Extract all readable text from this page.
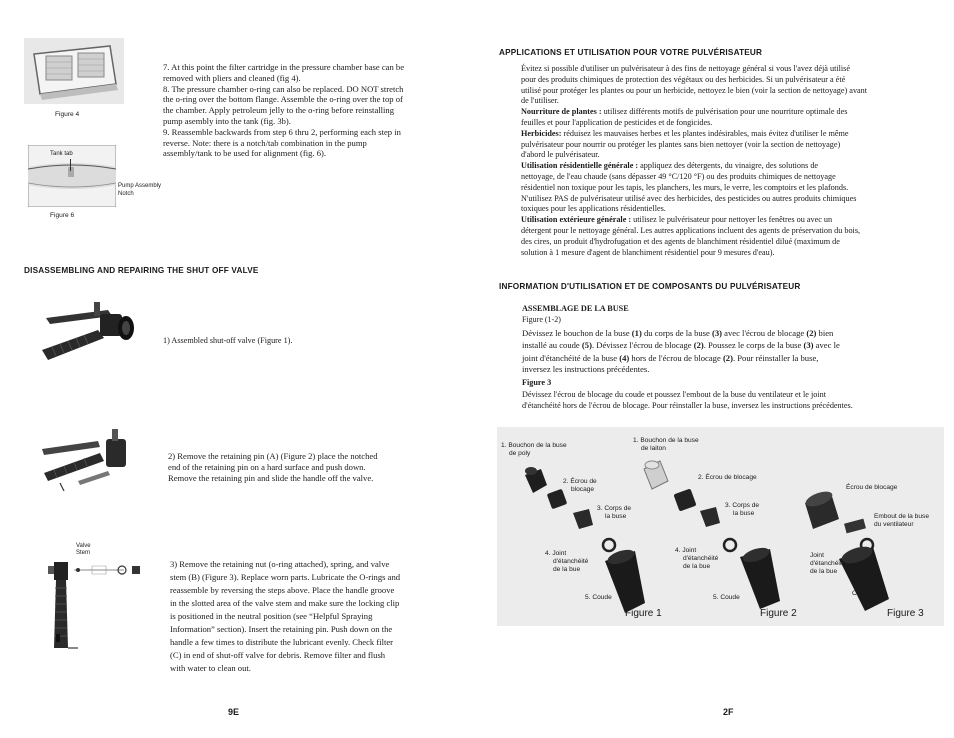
Figure 4

7. At this point the filter cartridge in the pressure chamber base can be

removed with pliers and cleaned (fig 4).

8. The pressure chamber o-ring can also be replaced. DO NOT stretch

the o-ring over the bottom flange. Assemble the o-ring over the top of

the chamber. Apply petroleum jelly to the o-ring before reinstalling

pump asembly into the tank (fig. 3b).

9. Reassemble backwards from step 6 thru 2, performing each step in

reverse. Note: there is a notch/tab combination in the pump

assembly/tank to be used for alignment (fig. 6).

Tank tab
Pump Assembly
Notch
Figure 6
DISASSEMBLING AND REPAIRING THE SHUT OFF VALVE
1) Assembled shut-off valve (Figure 1).

2) Remove the retaining pin (A) (Figure 2) place the notched

end of the retaining pin on a hard surface and push down.

Remove the retaining pin and slide the handle off the valve.

Valve
Stem

3) Remove the retaining nut (o-ring attached), spring, and valve

stem (B) (Figure 3). Replace worn parts. Lubricate the O-rings and

reassemble by reversing the steps above. Place the handle groove

in the slotted area of the valve stem and make sure the locking clip

is positioned in the neutral position (see “Helpful Spraying

Information” section). Insert the retaining pin. Push down on the

handle a few times to distribute the lubricant evenly. Check filter

(C) in end of shut-off valve for debris. Remove filter and flush

with water to clean out.

9E
APPLICATIONS ET UTILISATION POUR VOTRE PULVÉRISATEUR

Évitez si possible d'utiliser un pulvérisateur à des fins de nettoyage général si vous l'avez déjà utilisé

pour des produits chimiques de protection des végétaux ou des herbicides. Si un pulvérisateur a été

utilisé pour protéger les plantes ou pour un herbicide, nettoyez le bien (voir la section de nettoyage) avant

de l'utiliser.

Nourriture de plantes : utilisez différents motifs de pulvérisation pour une nourriture optimale des

feuilles et pour l'application de pesticides et de fongicides.

Herbicides: réduisez les mauvaises herbes et les plantes indésirables, mais évitez d'utiliser le même

pulvérisateur pour nourrir ou protéger les plantes sans bien nettoyer (voir la section de nettoyage)

d'abord le pulvérisateur.

Utilisation résidentielle générale : appliquez des détergents, du vinaigre, des solutions de

nettoyage, de l'eau chaude (sans dépasser 49 °C/120 °F) ou des produits chimiques de nettoyage

résidentiel non toxique pour les tapis, les planchers, les murs, le verre, les comptoirs et les plafonds.

N'utilisez PAS de pulvérisateur utilisé avec des herbicides, des pesticides ou autres produits chimiques

toxiques pour les applications résidentielles.

Utilisation extérieure générale : utilisez le pulvérisateur pour nettoyer les fenêtres ou avec un

détergent pour le nettoyage général. Les autres applications incluent des agents de préservation du bois,

des cires, un produit d'hydrofugation et des agents de blanchiment résidentiel dilué (maximum de

solution à 1 mesure d'agent de blanchiment résidentiel pour 9 mesures d'eau).

INFORMATION D'UTILISATION ET DE COMPOSANTS DU PULVÉRISATEUR
ASSEMBLAGE DE LA BUSE
Figure (1-2)

Dévissez le bouchon de la buse (1) du corps de la buse (3) avec l'écrou de blocage (2) bien

installé au coude (5). Dévissez l'écrou de blocage (2). Poussez le corps de la buse (3) avec le

joint d'étanchéité de la buse (4) hors de l'écrou de blocage (2). Pour réinstaller la buse,

inversez les instructions précédentes.

Figure 3

Dévissez l'écrou de blocage du coude et poussez l'embout de la buse du ventilateur et le joint

d'étanchéité hors de l'écrou de blocage. Pour réinstaller la buse, inversez les instructions précédentes.

1. Bouchon de la buse
de poly
2. Écrou de
blocage
3. Corps de
la buse
4. Joint
d'étanchéité
de la bue
5. Coude
Figure 1
1. Bouchon de la buse
de laiton
2. Écrou de blocage
3. Corps de
la buse
4. Joint
d'étanchéité
de la bue
5. Coude
Figure 2
Écrou de blocage
Embout de la buse
du ventilateur
Joint
d'étanchéité
de la bue
Coude
Figure 3
2F
